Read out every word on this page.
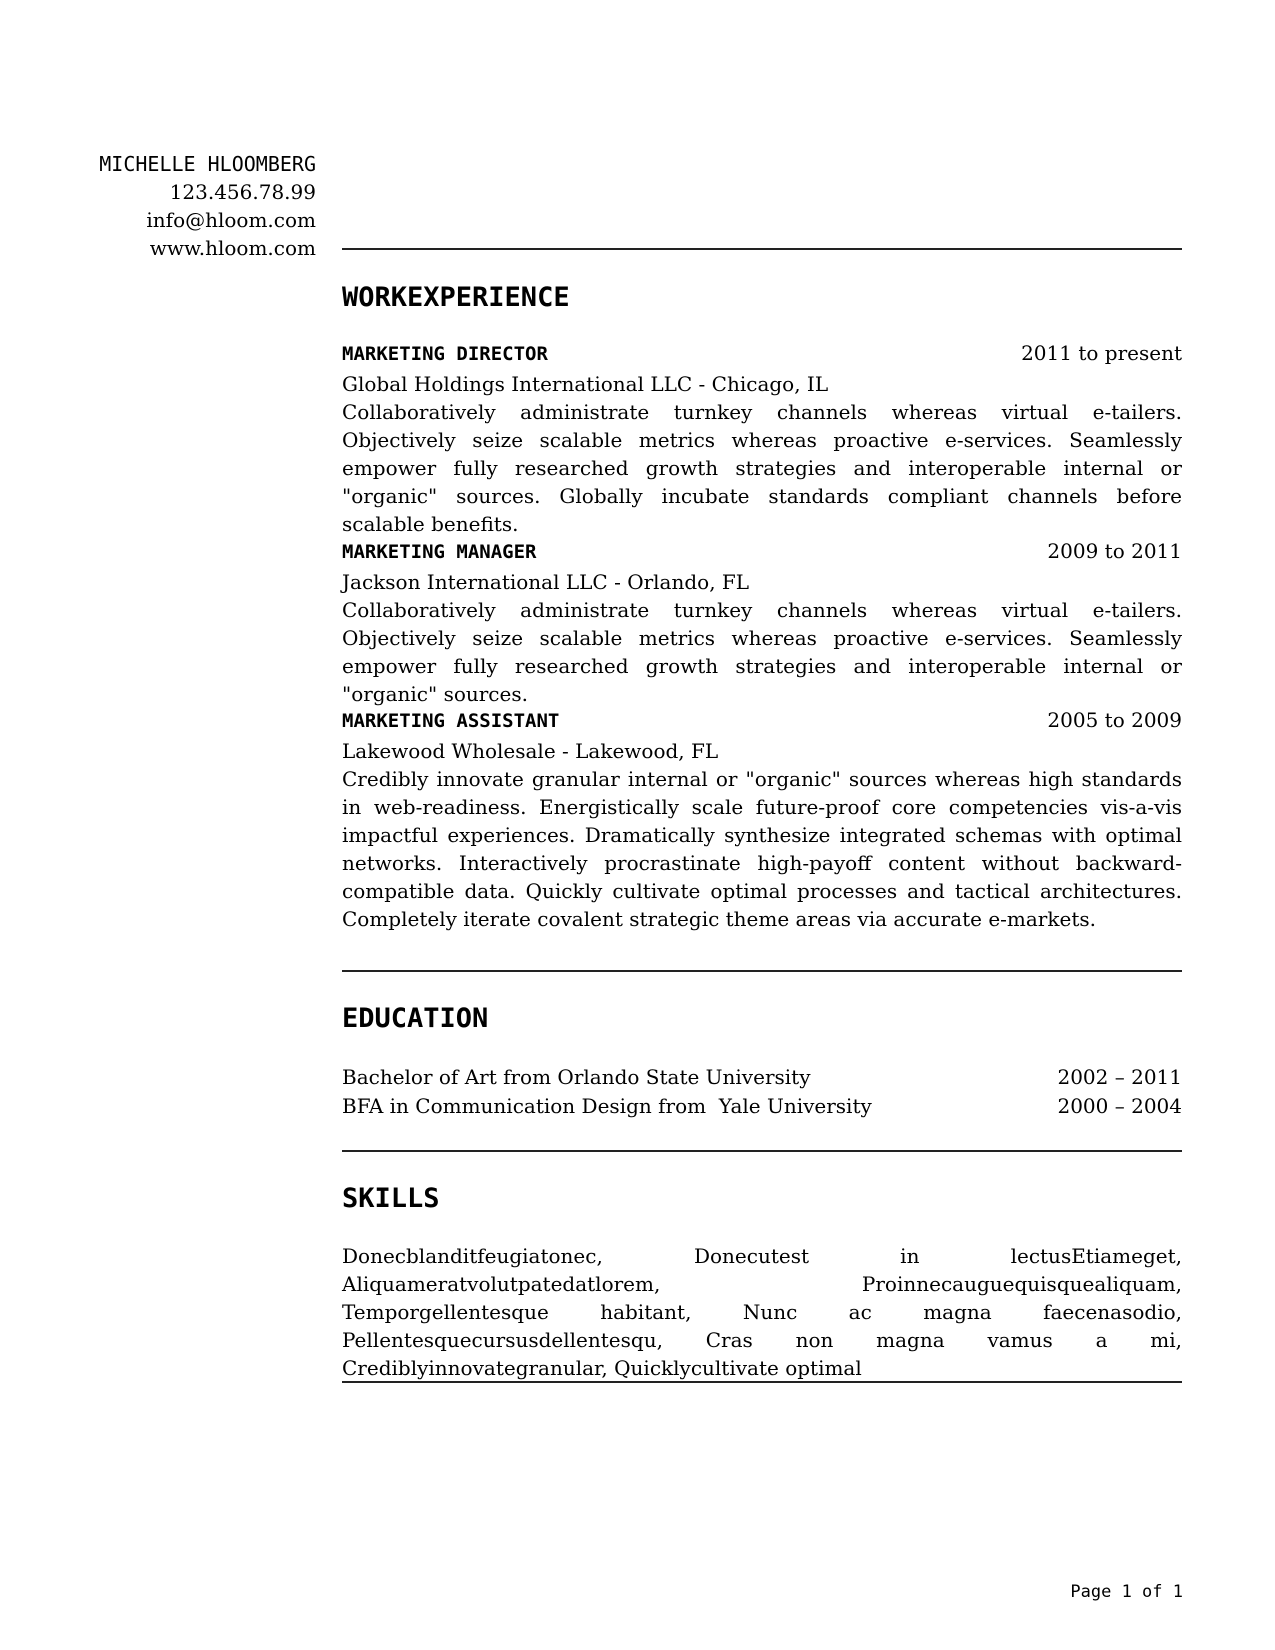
MICHELLE HLOOMBERG
123.456.78.99
info@hloom.com
www.hloom.com
WORKEXPERIENCE
MARKETING DIRECTOR	2011 to present
Global Holdings International LLC - Chicago, IL

Collaboratively administrate turnkey channels whereas virtual e-tailers. Objectively seize scalable metrics whereas proactive e-services. Seamlessly empower fully researched growth strategies and interoperable internal or "organic" sources. Globally incubate standards compliant channels before scalable benefits.

MARKETING MANAGER	2009 to 2011
Jackson International LLC - Orlando, FL

Collaboratively administrate turnkey channels whereas virtual e-tailers. Objectively seize scalable metrics whereas proactive e-services. Seamlessly empower fully researched growth strategies and interoperable internal or "organic" sources.

MARKETING ASSISTANT	2005 to 2009
Lakewood Wholesale - Lakewood, FL

Credibly innovate granular internal or "organic" sources whereas high standards in web-readiness. Energistically scale future-proof core competencies vis-a-vis impactful experiences. Dramatically synthesize integrated schemas with optimal networks. Interactively procrastinate high-payoff content without backward-compatible data. Quickly cultivate optimal processes and tactical architectures. Completely iterate covalent strategic theme areas via accurate e-markets.

EDUCATION
Bachelor of Art from Orlando State University	2002 – 2011
BFA in Communication Design from  Yale University	2000 – 2004
SKILLS

Donecblanditfeugiatonec, Donecutest in lectusEtiameget, Aliquameratvolutpatedatlorem, Proinnecauguequisquealiquam, Temporgellentesque habitant, Nunc ac magna faecenasodio, Pellentesquecursusdellentesqu, Cras non magna vamus a mi, Crediblyinnovategranular, Quicklycultivate optimal

Page 1 of 1
